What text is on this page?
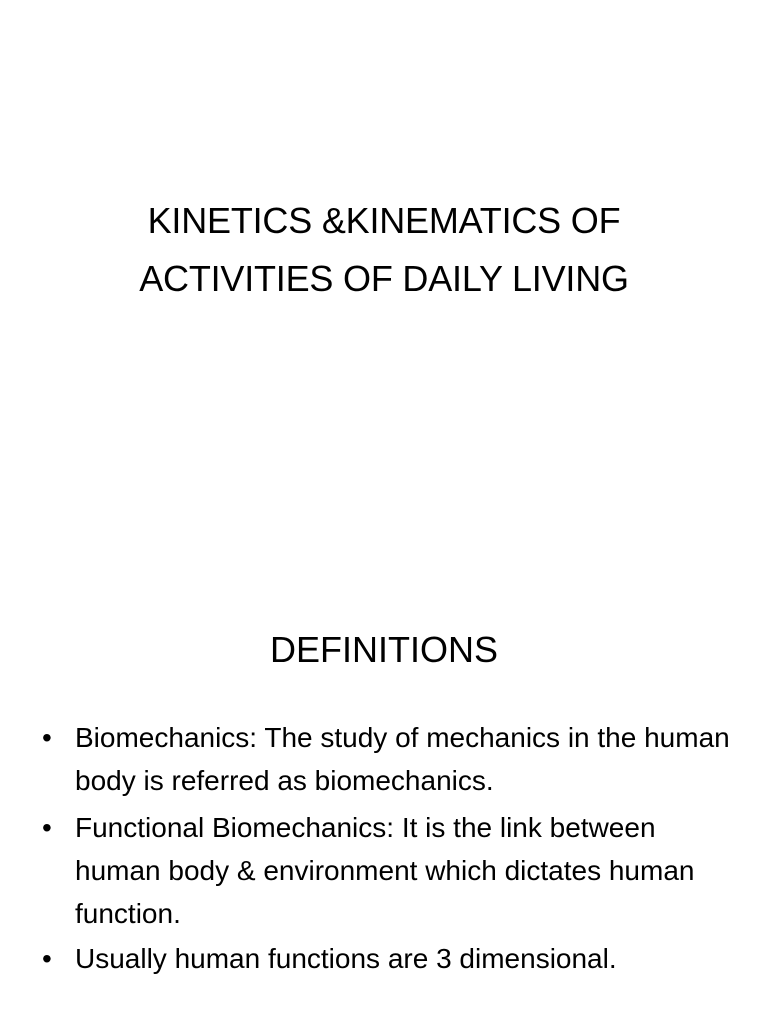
KINETICS &KINEMATICS OF
ACTIVITIES OF DAILY LIVING
DEFINITIONS
• Biomechanics: The study of mechanics in the human body is referred as biomechanics.
• Functional Biomechanics: It is the link between human body & environment which dictates human function.
• Usually human functions are 3 dimensional.
